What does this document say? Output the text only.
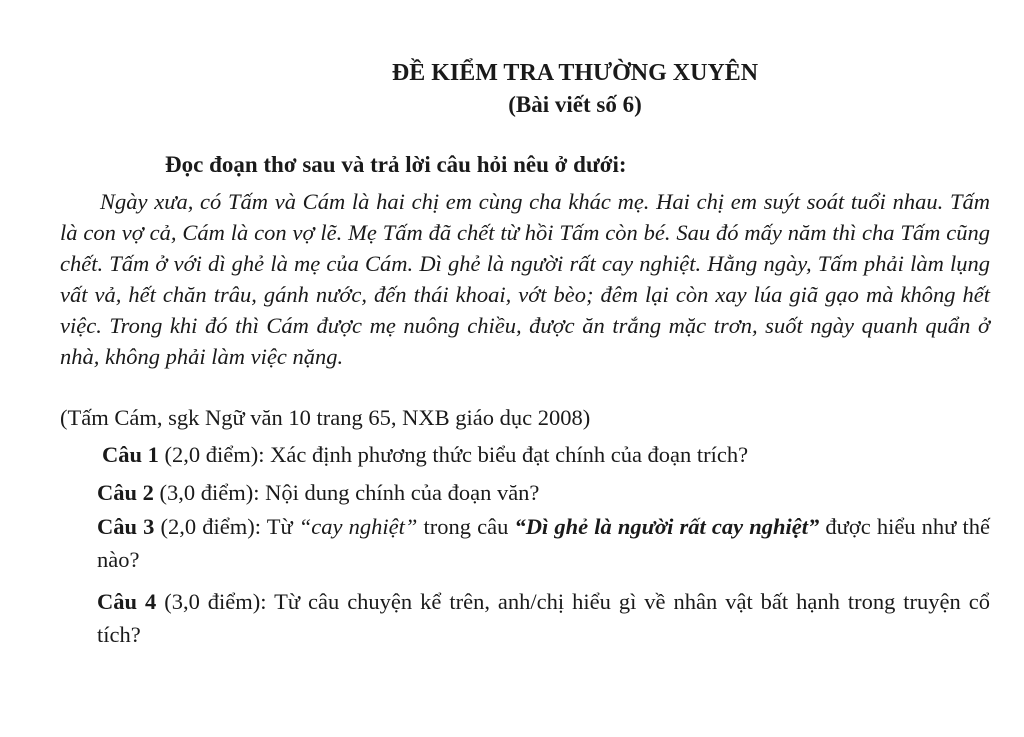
ĐỀ KIỂM TRA THƯỜNG XUYÊN
(Bài viết số 6)
Đọc đoạn thơ sau và trả lời câu hỏi nêu ở dưới:
Ngày xưa, có Tấm và Cám là hai chị em cùng cha khác mẹ. Hai chị em suýt soát tuổi nhau. Tấm là con vợ cả, Cám là con vợ lẽ. Mẹ Tấm đã chết từ hồi Tấm còn bé. Sau đó mấy năm thì cha Tấm cũng chết. Tấm ở với dì ghẻ là mẹ của Cám. Dì ghẻ là người rất cay nghiệt. Hằng ngày, Tấm phải làm lụng vất vả, hết chăn trâu, gánh nước, đến thái khoai, vớt bèo; đêm lại còn xay lúa giã gạo mà không hết việc. Trong khi đó thì Cám được mẹ nuông chiều, được ăn trắng mặc trơn, suốt ngày quanh quẩn ở nhà, không phải làm việc nặng.
(Tấm Cám, sgk Ngữ văn 10 trang 65, NXB giáo dục 2008)
Câu 1 (2,0 điểm): Xác định phương thức biểu đạt chính của đoạn trích?
Câu 2 (3,0 điểm): Nội dung chính của đoạn văn?
Câu 3 (2,0 điểm): Từ “cay nghiệt” trong câu “Dì ghẻ là người rất cay nghiệt” được hiểu như thế nào?
Câu 4 (3,0 điểm): Từ câu chuyện kể trên, anh/chị hiểu gì về nhân vật bất hạnh trong truyện cổ tích?
